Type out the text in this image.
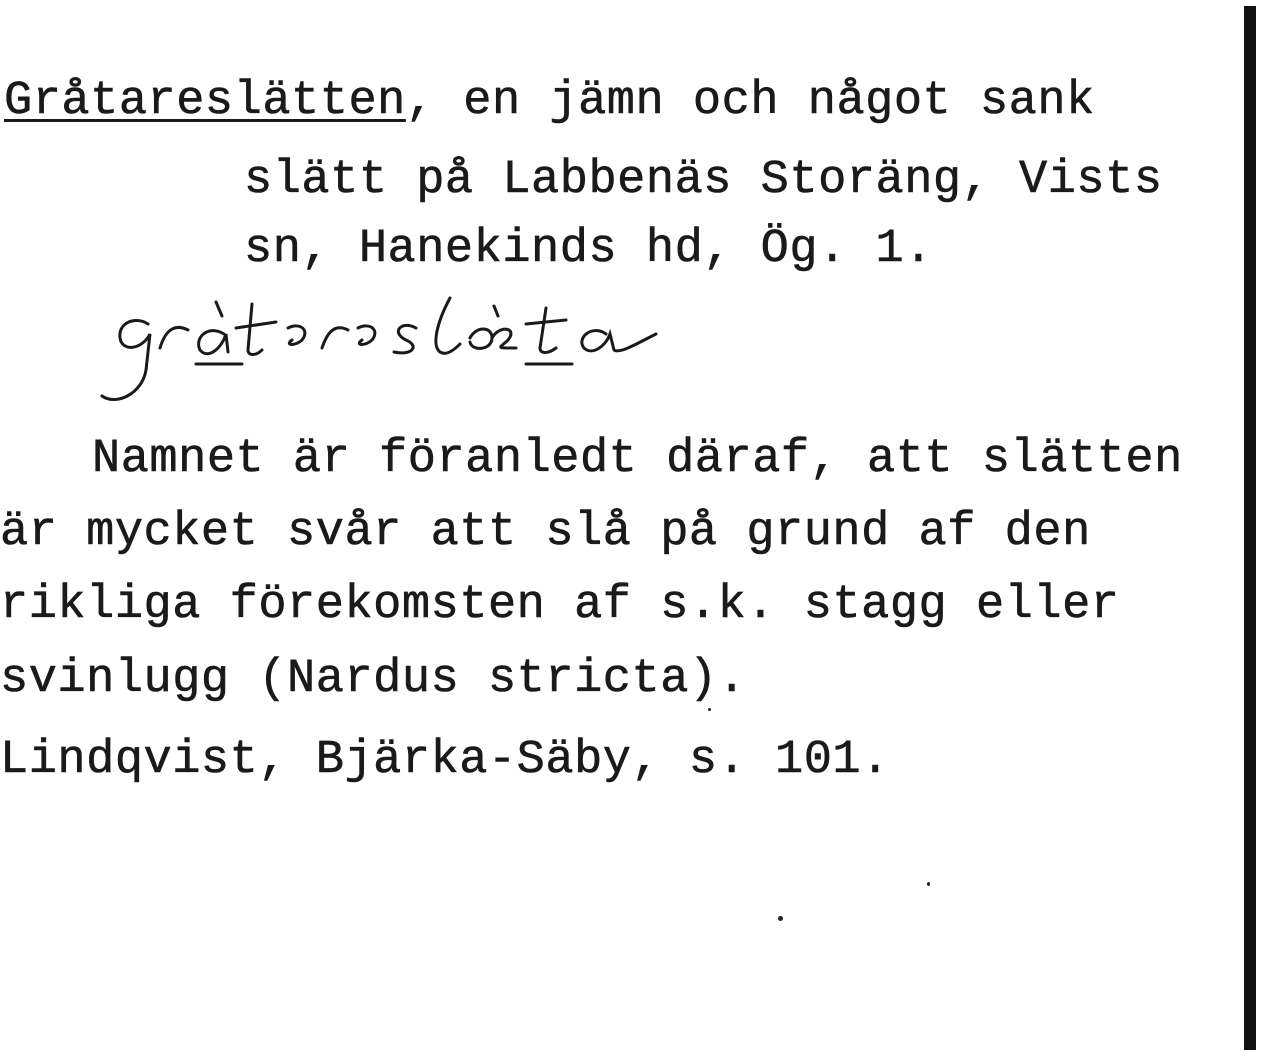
Gråtareslätten, en jämn och något sank
slätt på Labbenäs Storäng, Vists
sn, Hanekinds hd, Ög. 1.
Namnet är föranledt däraf, att slätten
är mycket svår att slå på grund af den
rikliga förekomsten af s.k. stagg eller
svinlugg (Nardus stricta).
Lindqvist, Bjärka-Säby, s. 101.
